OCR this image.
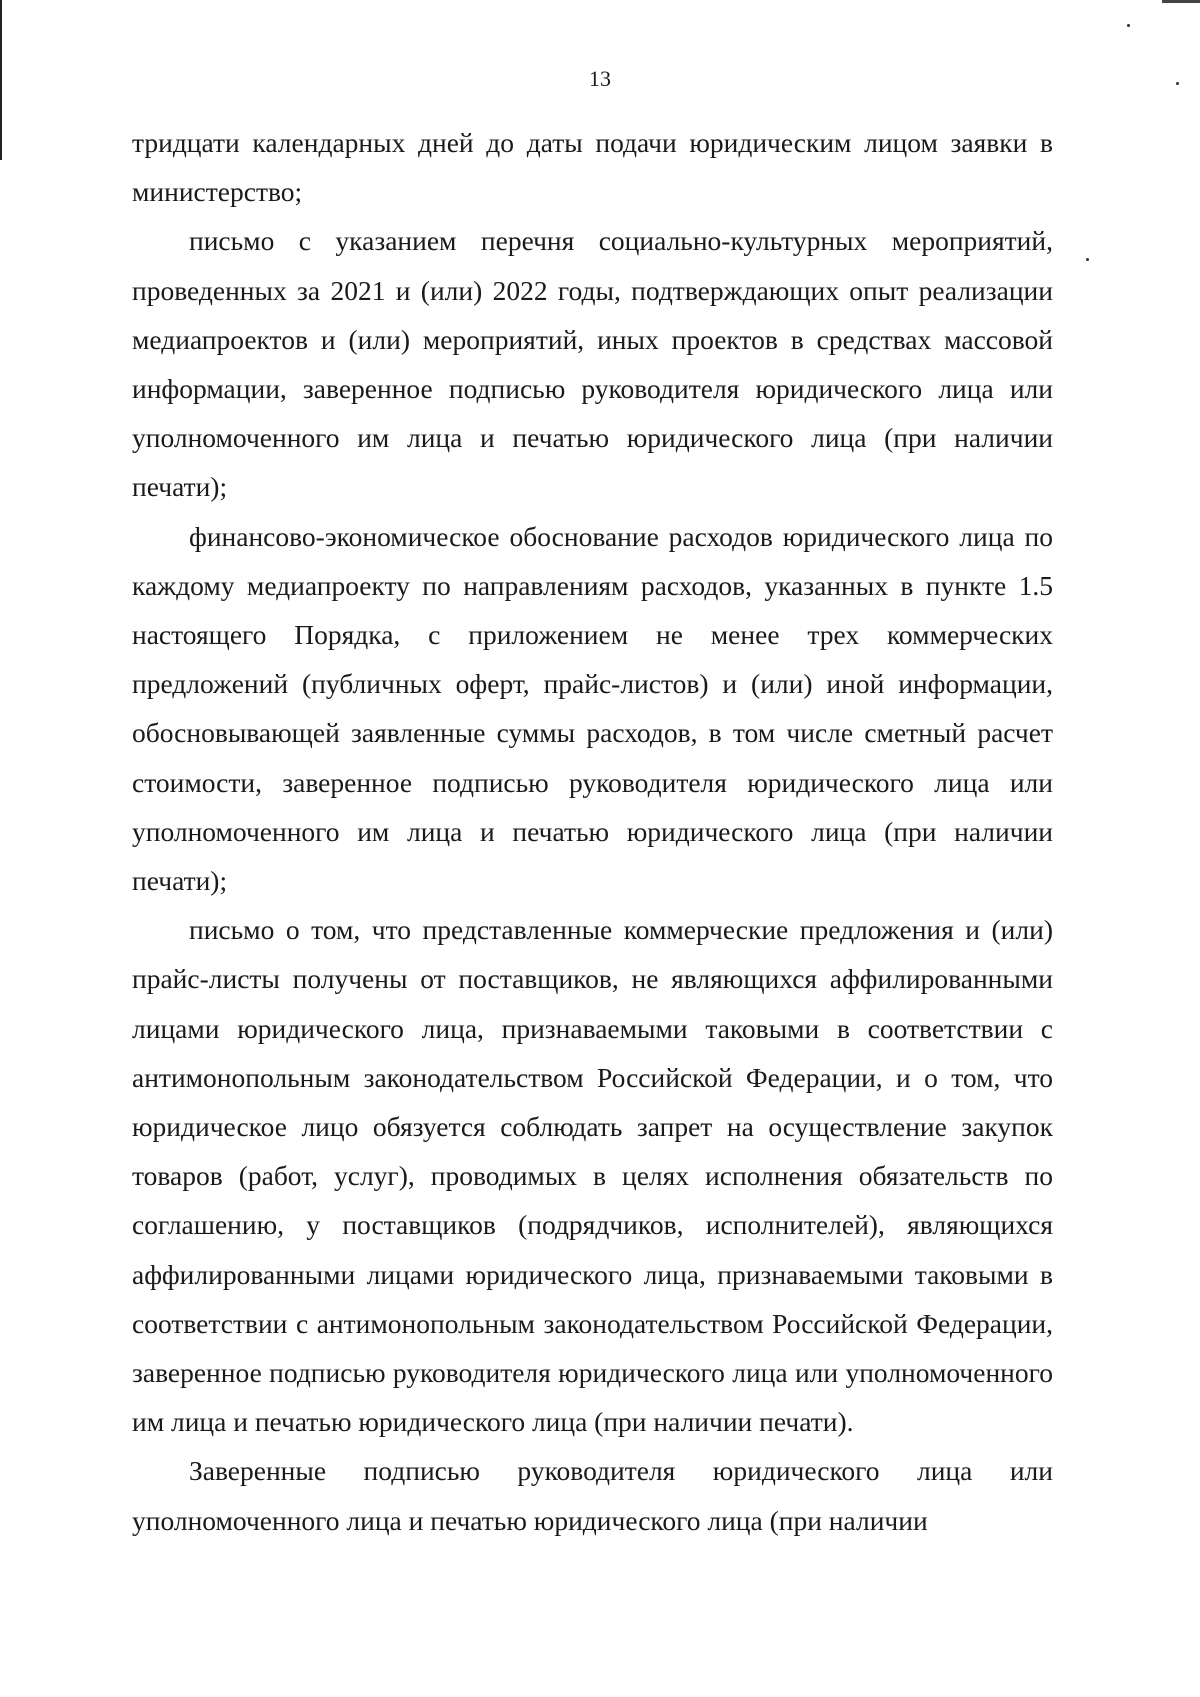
13

тридцати календарных дней до даты подачи юридическим лицом заявки в министерство;

письмо с указанием перечня социально-культурных мероприятий, проведенных за 2021 и (или) 2022 годы, подтверждающих опыт реализации медиапроектов и (или) мероприятий, иных проектов в средствах массовой информации, заверенное подписью руководителя юридического лица или уполномоченного им лица и печатью юридического лица (при наличии печати);

финансово-экономическое обоснование расходов юридического лица по каждому медиапроекту по направлениям расходов, указанных в пункте 1.5 настоящего Порядка, с приложением не менее трех коммерческих предложений (публичных оферт, прайс-листов) и (или) иной информации, обосновывающей заявленные суммы расходов, в том числе сметный расчет стоимости, заверенное подписью руководителя юридического лица или уполномоченного им лица и печатью юридического лица (при наличии печати);

письмо о том, что представленные коммерческие предложения и (или) прайс-листы получены от поставщиков, не являющихся аффилированными лицами юридического лица, признаваемыми таковыми в соответствии с антимонопольным законодательством Российской Федерации, и о том, что юридическое лицо обязуется соблюдать запрет на осуществление закупок товаров (работ, услуг), проводимых в целях исполнения обязательств по соглашению, у поставщиков (подрядчиков, исполнителей), являющихся аффилированными лицами юридического лица, признаваемыми таковыми в соответствии с антимонопольным законодательством Российской Федерации, заверенное подписью руководителя юридического лица или уполномоченного им лица и печатью юридического лица (при наличии печати).

Заверенные подписью руководителя юридического лица или уполномоченного лица и печатью юридического лица (при наличии
